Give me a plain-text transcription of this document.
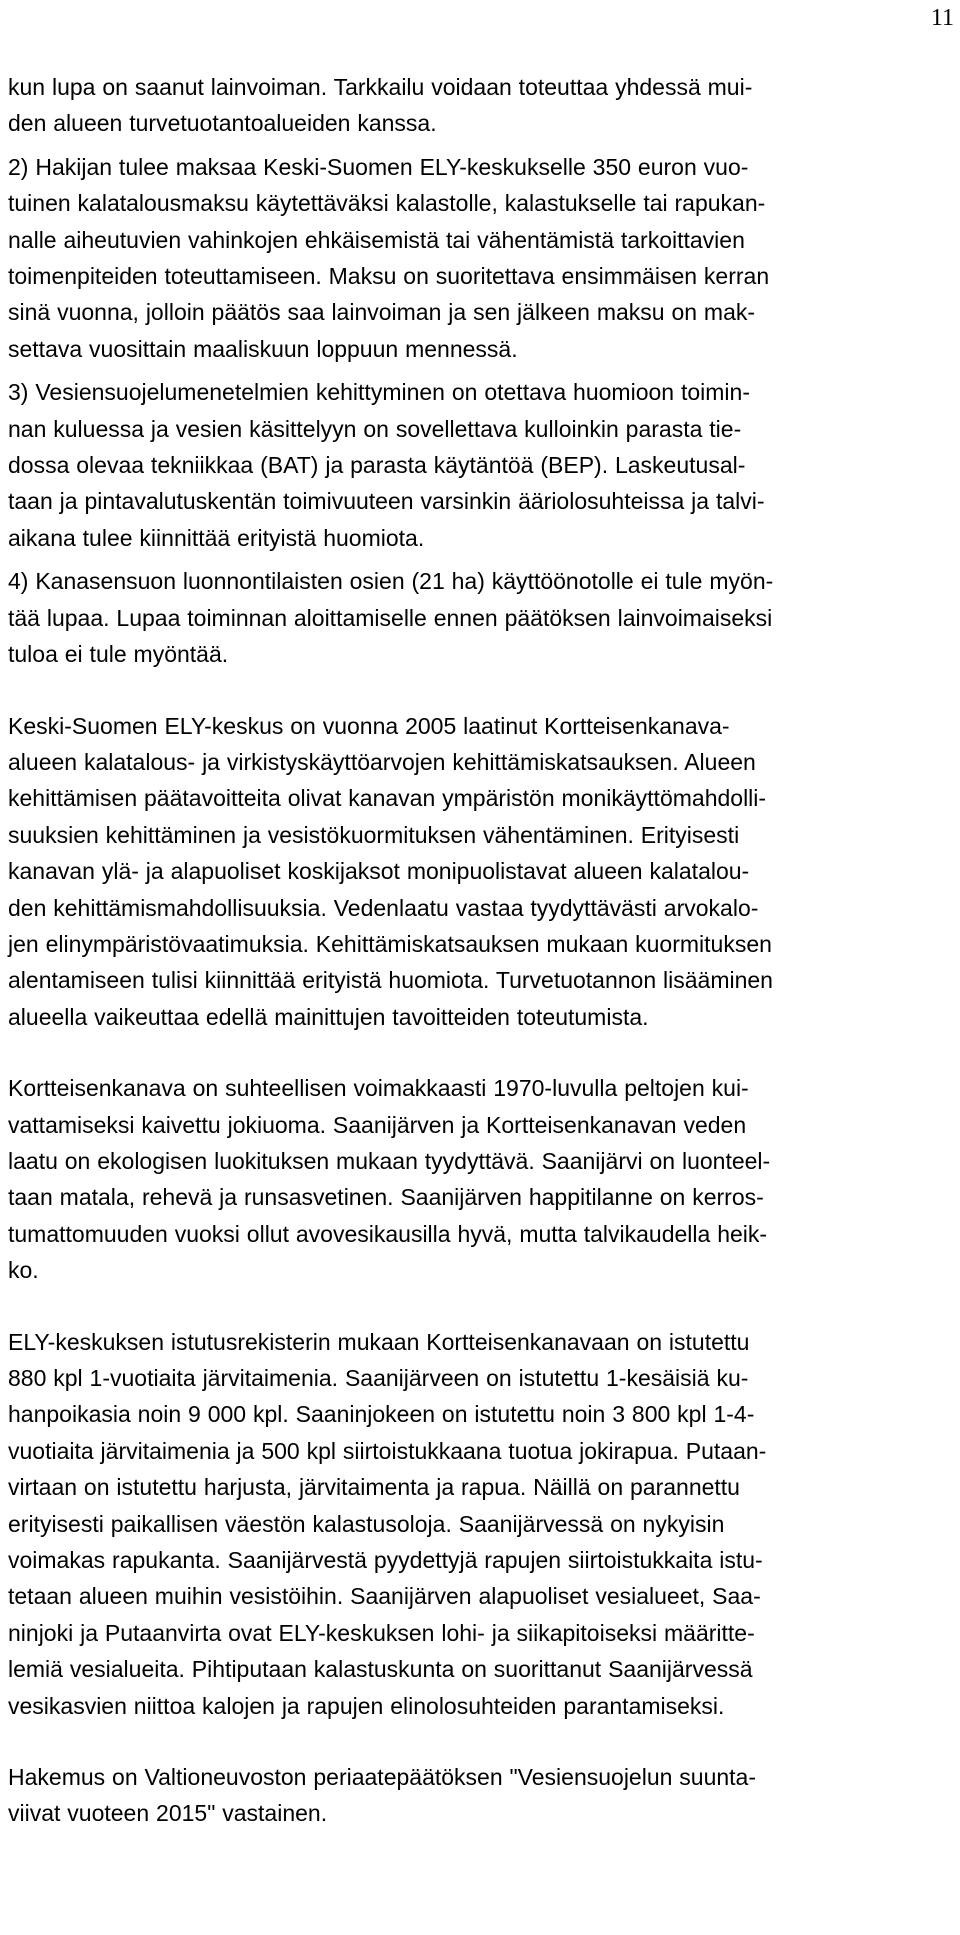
11

kun lupa on saanut lainvoiman. Tarkkailu voidaan toteuttaa yhdessä mui-
den alueen turvetuotantoalueiden kanssa.

2) Hakijan tulee maksaa Keski-Suomen ELY-keskukselle 350 euron vuo-
tuinen kalatalousmaksu käytettäväksi kalastolle, kalastukselle tai rapukan-
nalle aiheutuvien vahinkojen ehkäisemistä tai vähentämistä tarkoittavien
toimenpiteiden toteuttamiseen. Maksu on suoritettava ensimmäisen kerran
sinä vuonna, jolloin päätös saa lainvoiman ja sen jälkeen maksu on mak-
settava vuosittain maaliskuun loppuun mennessä.

3) Vesiensuojelumenetelmien kehittyminen on otettava huomioon toimin-
nan kuluessa ja vesien käsittelyyn on sovellettava kulloinkin parasta tie-
dossa olevaa tekniikkaa (BAT) ja parasta käytäntöä (BEP). Laskeutusal-
taan ja pintavalutuskentän toimivuuteen varsinkin ääriolosuhteissa ja talvi-
aikana tulee kiinnittää erityistä huomiota.

4) Kanasensuon luonnontilaisten osien (21 ha) käyttöönotolle ei tule myön-
tää lupaa. Lupaa toiminnan aloittamiselle ennen päätöksen lainvoimaiseksi
tuloa ei tule myöntää.

Keski-Suomen ELY-keskus on vuonna 2005 laatinut Kortteisenkanava-
alueen kalatalous- ja virkistyskäyttöarvojen kehittämiskatsauksen. Alueen
kehittämisen päätavoitteita olivat kanavan ympäristön monikäyttömahdolli-
suuksien kehittäminen ja vesistökuormituksen vähentäminen. Erityisesti
kanavan ylä- ja alapuoliset koskijaksot monipuolistavat alueen kalatalou-
den kehittämismahdollisuuksia. Vedenlaatu vastaa tyydyttävästi arvokalo-
jen elinympäristövaatimuksia. Kehittämiskatsauksen mukaan kuormituksen
alentamiseen tulisi kiinnittää erityistä huomiota. Turvetuotannon lisääminen
alueella vaikeuttaa edellä mainittujen tavoitteiden toteutumista.

Kortteisenkanava on suhteellisen voimakkaasti 1970-luvulla peltojen kui-
vattamiseksi kaivettu jokiuoma. Saanijärven ja Kortteisenkanavan veden
laatu on ekologisen luokituksen mukaan tyydyttävä. Saanijärvi on luonteel-
taan matala, rehevä ja runsasvetinen. Saanijärven happitilanne on kerros-
tumattomuuden vuoksi ollut avovesikausilla hyvä, mutta talvikaudella heik-
ko.

ELY-keskuksen istutusrekisterin mukaan Kortteisenkanavaan on istutettu
880 kpl 1-vuotiaita järvitaimenia. Saanijärveen on istutettu 1-kesäisiä ku-
hanpoikasia noin 9 000 kpl. Saaninjokeen on istutettu noin 3 800 kpl 1-4-
vuotiaita järvitaimenia ja 500 kpl siirtoistukkaana tuotua jokirapua. Putaan-
virtaan on istutettu harjusta, järvitaimenta ja rapua. Näillä on parannettu
erityisesti paikallisen väestön kalastusoloja. Saanijärvessä on nykyisin
voimakas rapukanta. Saanijärvestä pyydettyjä rapujen siirtoistukkaita istu-
tetaan alueen muihin vesistöihin. Saanijärven alapuoliset vesialueet, Saa-
ninjoki ja Putaanvirta ovat ELY-keskuksen lohi- ja siikapitoiseksi määritte-
lemiä vesialueita. Pihtiputaan kalastuskunta on suorittanut Saanijärvessä
vesikasvien niittoa kalojen ja rapujen elinolosuhteiden parantamiseksi.

Hakemus on Valtioneuvoston periaatepäätöksen "Vesiensuojelun suunta-
viivat vuoteen 2015" vastainen.
